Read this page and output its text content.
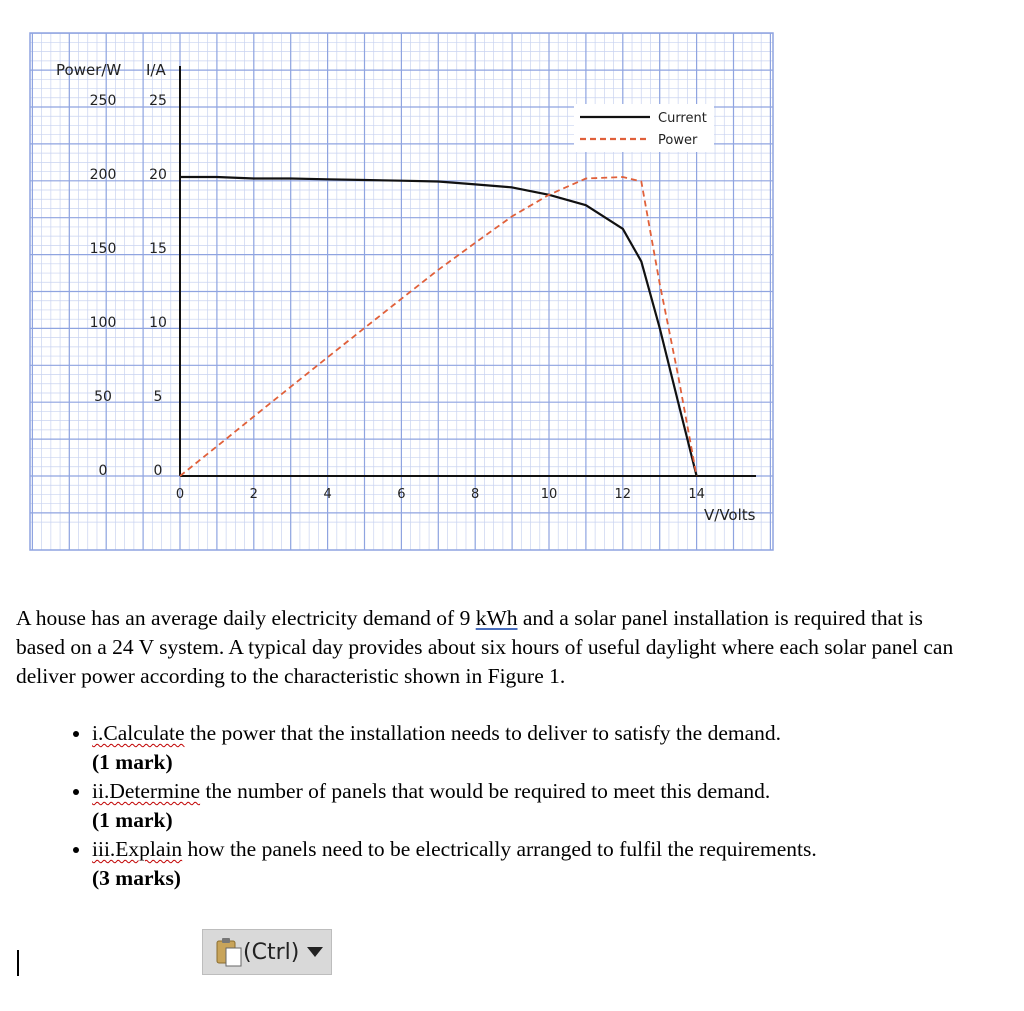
0	2	4	6	8	10	12	14
0
5
10
15
20
25
0
50
100
150
200
250
Power/W I/A
V/Volts
Current
Power

A house has an average daily electricity demand of 9 kWh and a solar panel installation is required that is based on a 24 V system. A typical day provides about six hours of useful daylight where each solar panel can deliver power according to the characteristic shown in Figure 1.

• i.Calculate the power that the installation needs to deliver to satisfy the demand.
(1 mark)
• ii.Determine the number of panels that would be required to meet this demand.
(1 mark)
• iii.Explain how the panels need to be electrically arranged to fulfil the requirements.
(3 marks)
(Ctrl)
